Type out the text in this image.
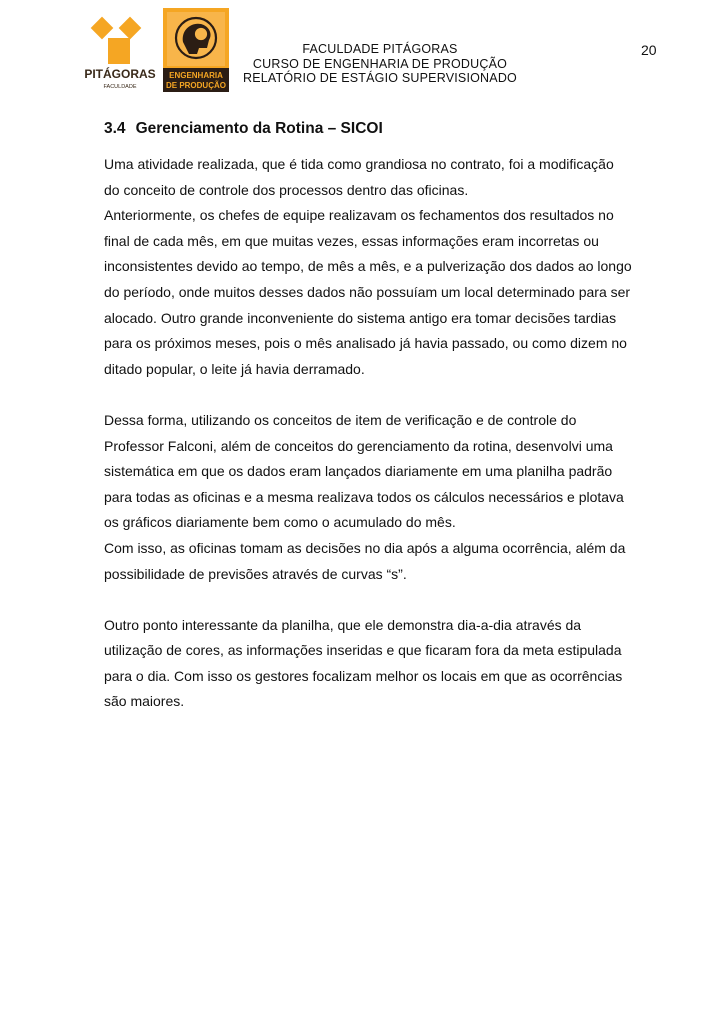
PITÁGORAS
FACULDADE
ENGENHARIA
DE PRODUÇÃO
FACULDADE PITÁGORAS
CURSO DE ENGENHARIA DE PRODUÇÃO
RELATÓRIO DE ESTÁGIO SUPERVISIONADO
20
3.4 Gerenciamento da Rotina – SICOI

Uma atividade realizada, que é tida como grandiosa no contrato, foi a modificação
do conceito de controle dos processos dentro das oficinas.

Anteriormente, os chefes de equipe realizavam os fechamentos dos resultados no
final de cada mês, em que muitas vezes, essas informações eram incorretas ou
inconsistentes devido ao tempo, de mês a mês, e a pulverização dos dados ao longo
do período, onde muitos desses dados não possuíam um local determinado para ser
alocado. Outro grande inconveniente do sistema antigo era tomar decisões tardias
para os próximos meses, pois o mês analisado já havia passado, ou como dizem no
ditado popular, o leite já havia derramado.

Dessa forma, utilizando os conceitos de item de verificação e de controle do
Professor Falconi, além de conceitos do gerenciamento da rotina, desenvolvi uma
sistemática em que os dados eram lançados diariamente em uma planilha padrão
para todas as oficinas e a mesma realizava todos os cálculos necessários e plotava
os gráficos diariamente bem como o acumulado do mês.

Com isso, as oficinas tomam as decisões no dia após a alguma ocorrência, além da
possibilidade de previsões através de curvas “s”.

Outro ponto interessante da planilha, que ele demonstra dia-a-dia através da
utilização de cores, as informações inseridas e que ficaram fora da meta estipulada
para o dia. Com isso os gestores focalizam melhor os locais em que as ocorrências
são maiores.
